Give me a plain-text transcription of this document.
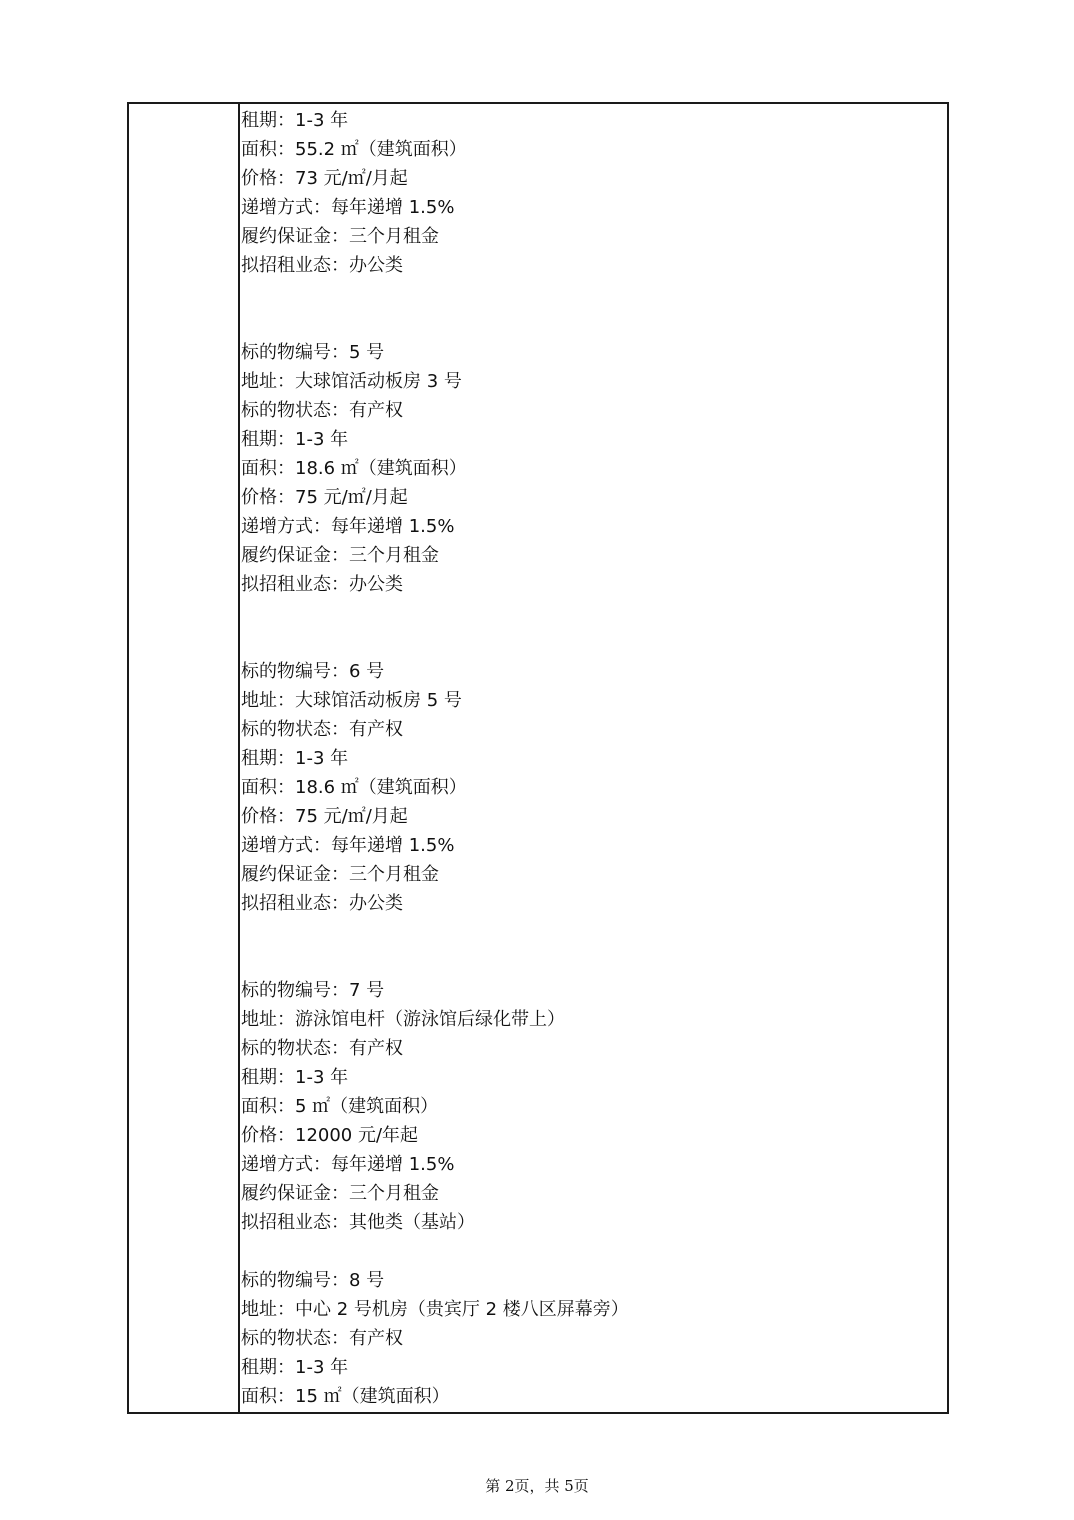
租期：1-3 年
面积：55.2 ㎡（建筑面积）
价格：73 元/㎡/月起
递增方式：每年递增 1.5%
履约保证金：三个月租金
拟招租业态：办公类
标的物编号：5 号
地址：大球馆活动板房 3 号
标的物状态：有产权
租期：1-3 年
面积：18.6 ㎡（建筑面积）
价格：75 元/㎡/月起
递增方式：每年递增 1.5%
履约保证金：三个月租金
拟招租业态：办公类
标的物编号：6 号
地址：大球馆活动板房 5 号
标的物状态：有产权
租期：1-3 年
面积：18.6 ㎡（建筑面积）
价格：75 元/㎡/月起
递增方式：每年递增 1.5%
履约保证金：三个月租金
拟招租业态：办公类
标的物编号：7 号
地址：游泳馆电杆（游泳馆后绿化带上）
标的物状态：有产权
租期：1-3 年
面积：5 ㎡（建筑面积）
价格：12000 元/年起
递增方式：每年递增 1.5%
履约保证金：三个月租金
拟招租业态：其他类（基站）
标的物编号：8 号
地址：中心 2 号机房（贵宾厅 2 楼八区屏幕旁）
标的物状态：有产权
租期：1-3 年
面积：15 ㎡（建筑面积）
第 2页，共 5页
